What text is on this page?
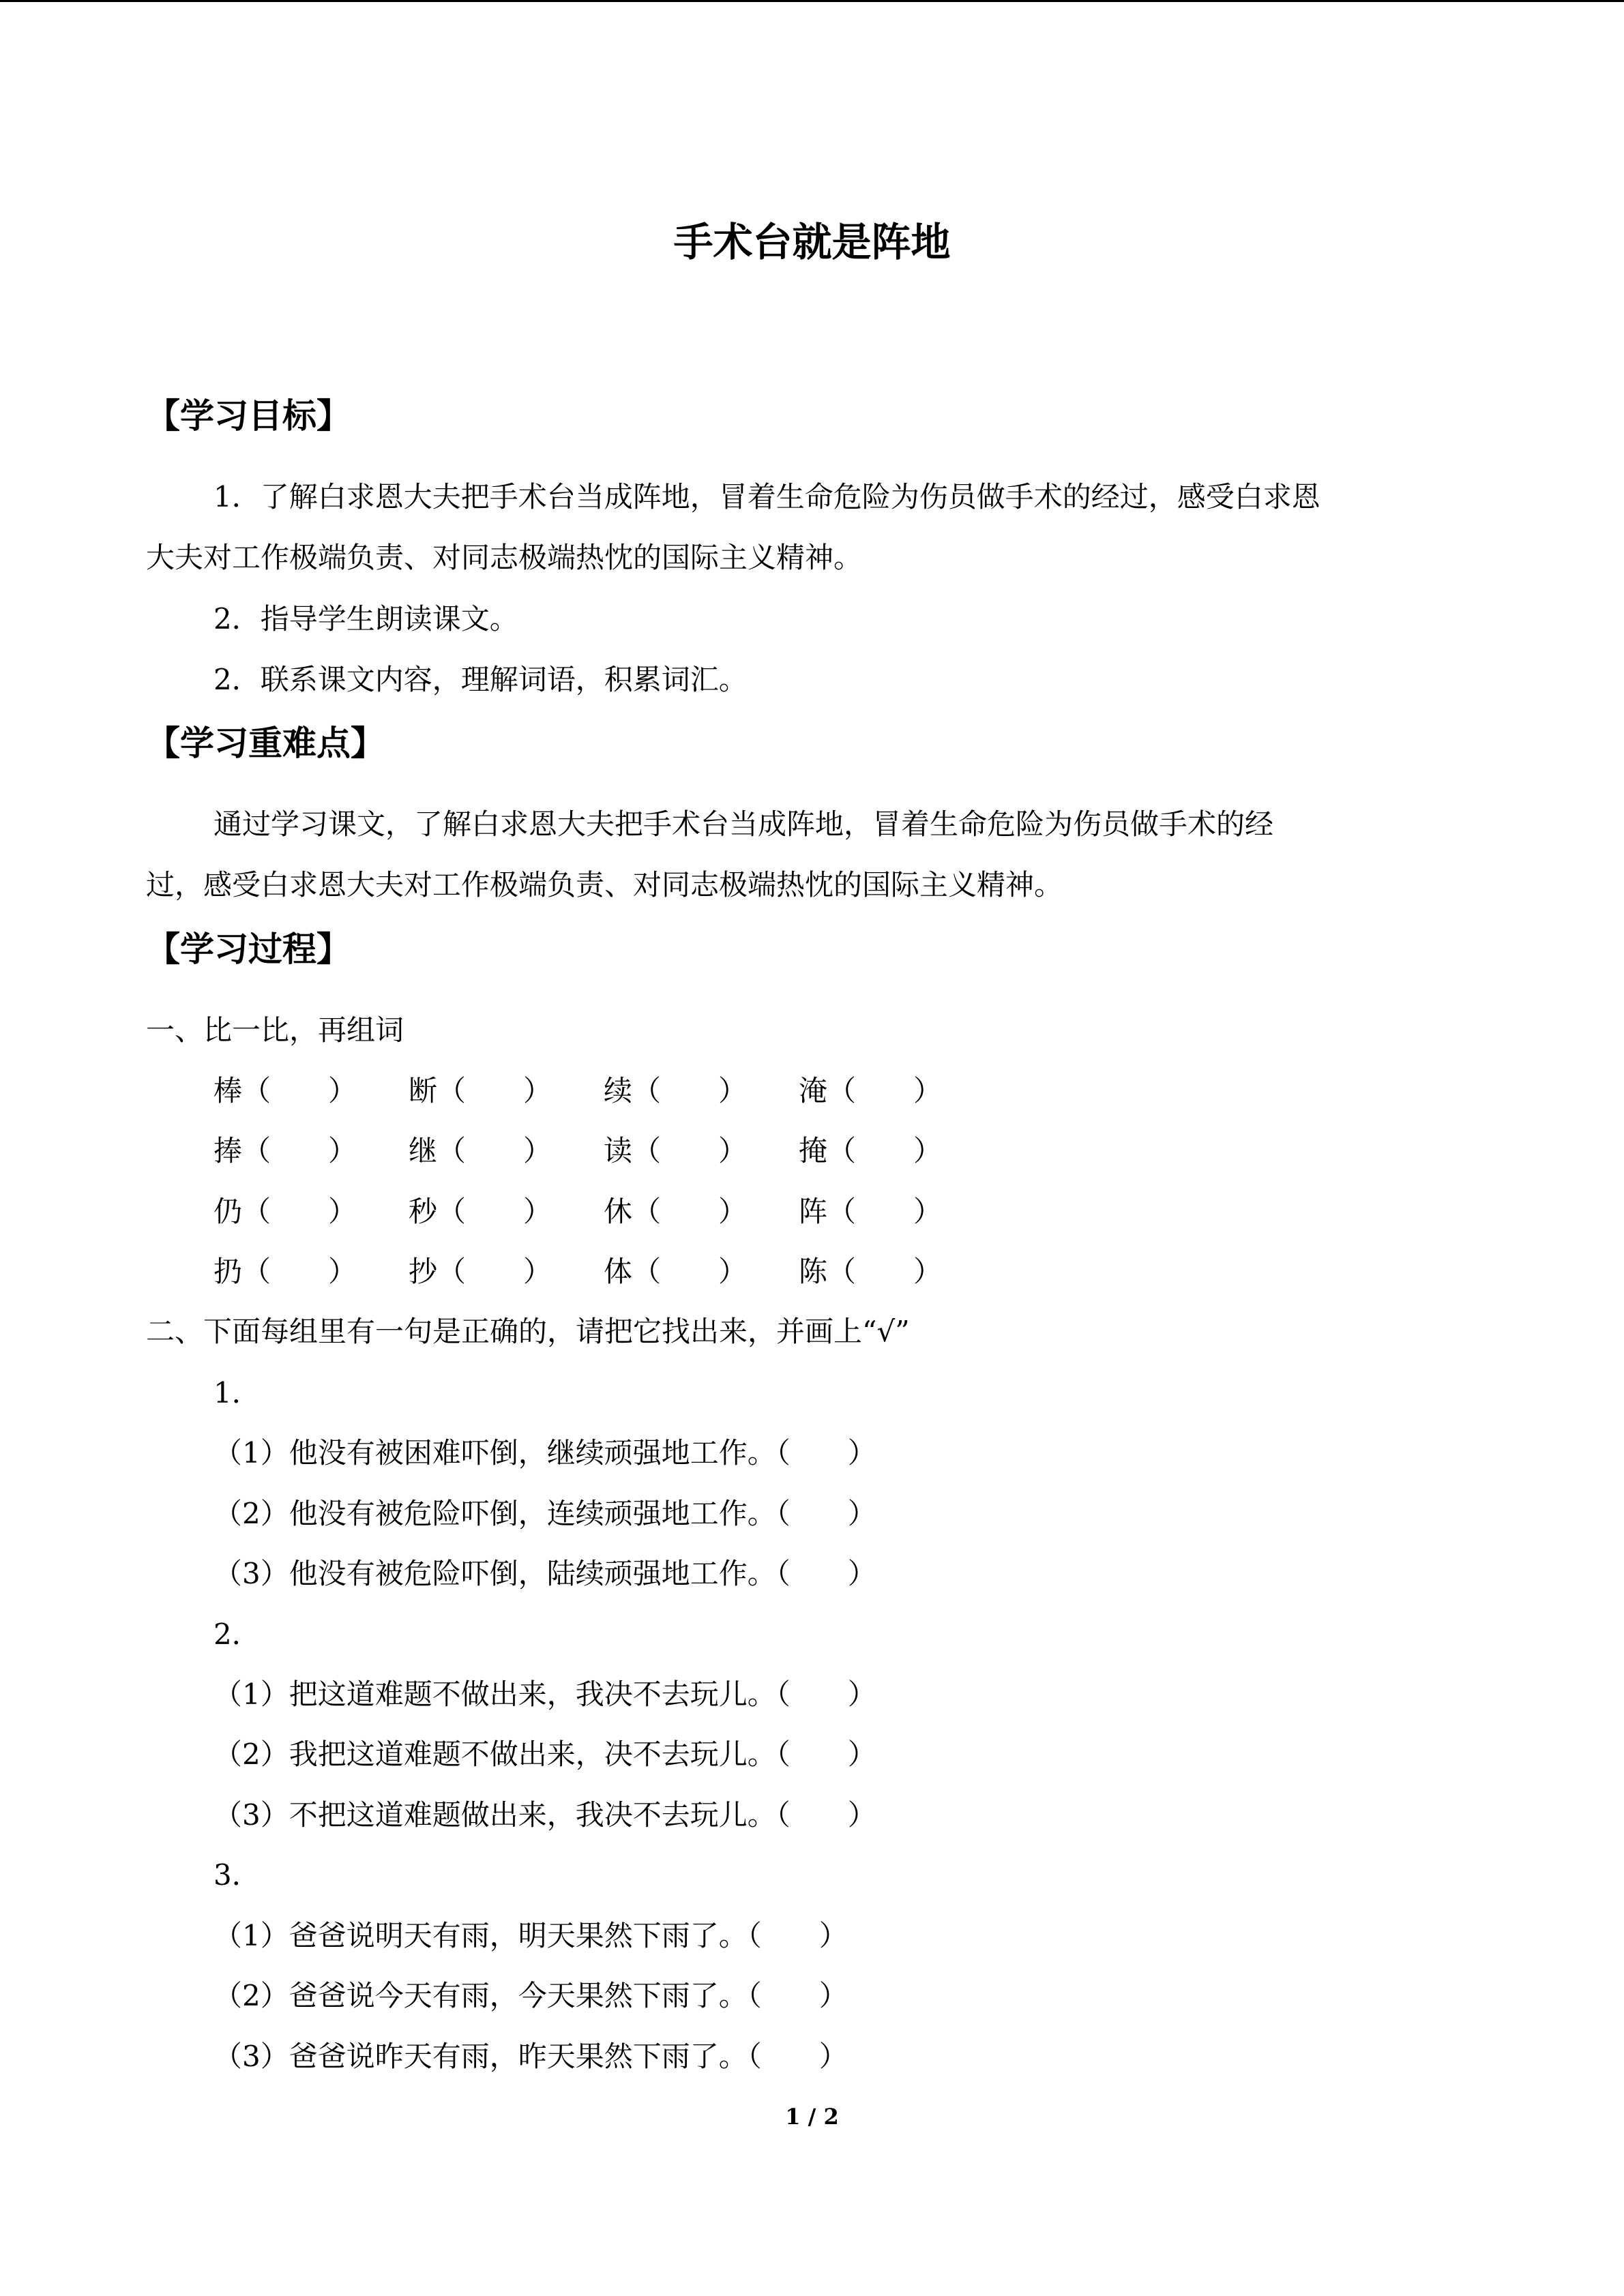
手术台就是阵地
【学习目标】
1．了解白求恩大夫把手术台当成阵地，冒着生命危险为伤员做手术的经过，感受白求恩
大夫对工作极端负责、对同志极端热忱的国际主义精神。
2．指导学生朗读课文。
2．联系课文内容，理解词语，积累词汇。
【学习重难点】
通过学习课文，了解白求恩大夫把手术台当成阵地，冒着生命危险为伤员做手术的经
过，感受白求恩大夫对工作极端负责、对同志极端热忱的国际主义精神。
【学习过程】
一、比一比，再组词
棒（　　） 断（　　） 续（　　） 淹（　　）
捧（　　） 继（　　） 读（　　） 掩（　　）
仍（　　） 秒（　　） 休（　　） 阵（　　）
扔（　　） 抄（　　） 体（　　） 陈（　　）
二、下面每组里有一句是正确的，请把它找出来，并画上“√”
1．
（1）他没有被困难吓倒，继续顽强地工作。（　　）
（2）他没有被危险吓倒，连续顽强地工作。（　　）
（3）他没有被危险吓倒，陆续顽强地工作。（　　）
2．
（1）把这道难题不做出来，我决不去玩儿。（　　）
（2）我把这道难题不做出来，决不去玩儿。（　　）
（3）不把这道难题做出来，我决不去玩儿。（　　）
3．
（1）爸爸说明天有雨，明天果然下雨了。（　　）
（2）爸爸说今天有雨，今天果然下雨了。（　　）
（3）爸爸说昨天有雨，昨天果然下雨了。（　　）
1 / 2
